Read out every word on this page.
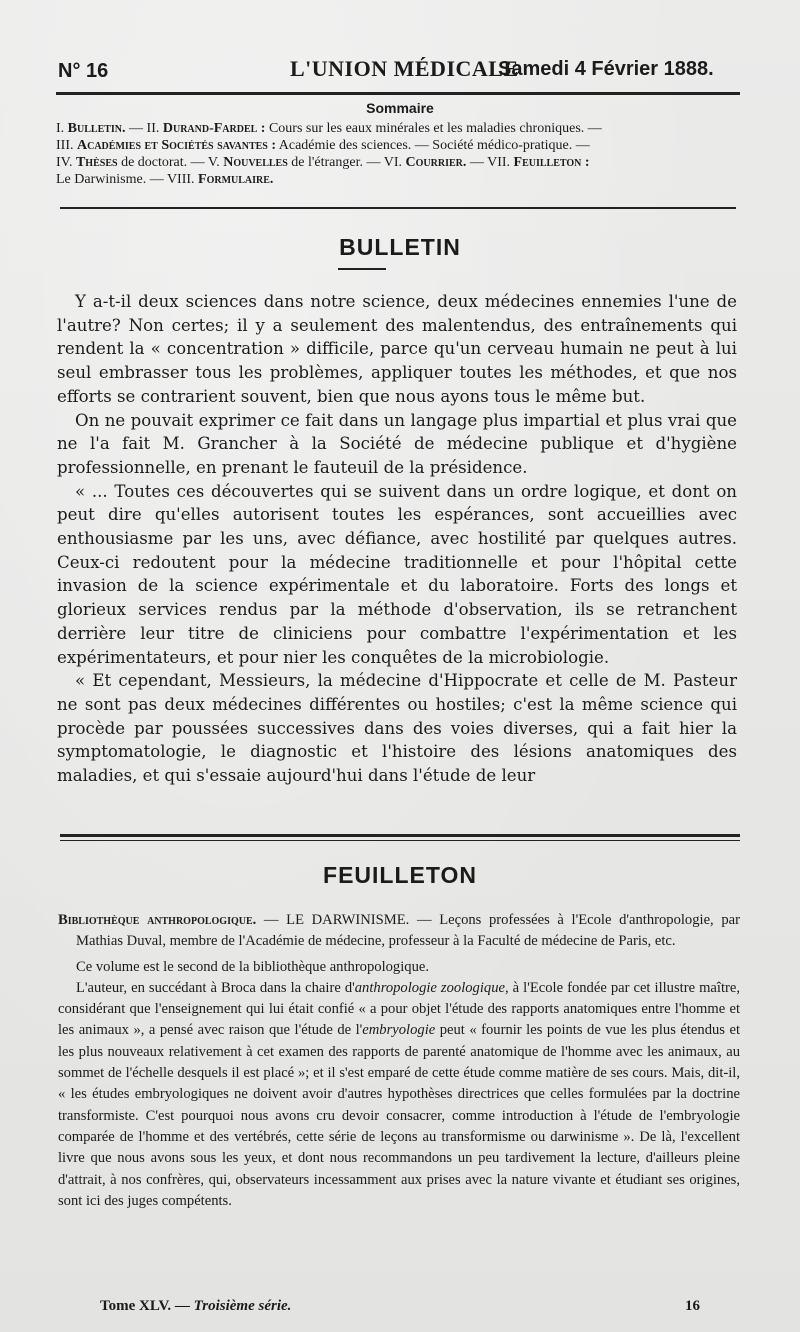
N° 16	L'UNION MÉDICALE
Samedi 4 Février 1888.
Sommaire
I. Bulletin. — II. Durand-Fardel : Cours sur les eaux minérales et les maladies chroniques. —
III. Académies et Sociétés savantes : Académie des sciences. — Société médico-pratique. —
IV. Thèses de doctorat. — V. Nouvelles de l'étranger. — VI. Courrier. — VII. Feuilleton :
Le Darwinisme. — VIII. Formulaire.
BULLETIN

Y a-t-il deux sciences dans notre science, deux médecines ennemies l'une de l'autre? Non certes; il y a seulement des malentendus, des entraînements qui rendent la « concentration » difficile, parce qu'un cerveau humain ne peut à lui seul embrasser tous les problèmes, appliquer toutes les méthodes, et que nos efforts se contrarient souvent, bien que nous ayons tous le même but.

On ne pouvait exprimer ce fait dans un langage plus impartial et plus vrai que ne l'a fait M. Grancher à la Société de médecine publique et d'hygiène professionnelle, en prenant le fauteuil de la présidence.

« ... Toutes ces découvertes qui se suivent dans un ordre logique, et dont on peut dire qu'elles autorisent toutes les espérances, sont accueillies avec enthousiasme par les uns, avec défiance, avec hostilité par quelques autres. Ceux-ci redoutent pour la médecine traditionnelle et pour l'hôpital cette invasion de la science expérimentale et du laboratoire. Forts des longs et glorieux services rendus par la méthode d'observation, ils se retranchent derrière leur titre de cliniciens pour combattre l'expérimentation et les expérimentateurs, et pour nier les conquêtes de la microbiologie.

« Et cependant, Messieurs, la médecine d'Hippocrate et celle de M. Pasteur ne sont pas deux médecines différentes ou hostiles; c'est la même science qui procède par poussées successives dans des voies diverses, qui a fait hier la symptomatologie, le diagnostic et l'histoire des lésions anatomiques des maladies, et qui s'essaie aujourd'hui dans l'étude de leur

FEUILLETON

Bibliothèque anthropologique. — LE DARWINISME. — Leçons professées à l'Ecole d'anthropologie, par Mathias Duval, membre de l'Académie de médecine, professeur à la Faculté de médecine de Paris, etc.

Ce volume est le second de la bibliothèque anthropologique.

L'auteur, en succédant à Broca dans la chaire d'anthropologie zoologique, à l'Ecole fondée par cet illustre maître, considérant que l'enseignement qui lui était confié « a pour objet l'étude des rapports anatomiques entre l'homme et les animaux », a pensé avec raison que l'étude de l'embryologie peut « fournir les points de vue les plus étendus et les plus nouveaux relativement à cet examen des rapports de parenté anatomique de l'homme avec les animaux, au sommet de l'échelle desquels il est placé »; et il s'est emparé de cette étude comme matière de ses cours. Mais, dit-il, « les études embryologiques ne doivent avoir d'autres hypothèses directrices que celles formulées par la doctrine transformiste. C'est pourquoi nous avons cru devoir consacrer, comme introduction à l'étude de l'embryologie comparée de l'homme et des vertébrés, cette série de leçons au transformisme ou darwinisme ». De là, l'excellent livre que nous avons sous les yeux, et dont nous recommandons un peu tardivement la lecture, d'ailleurs pleine d'attrait, à nos confrères, qui, observateurs incessamment aux prises avec la nature vivante et étudiant ses origines, sont ici des juges compétents.

Tome XLV. — Troisième série.	16
